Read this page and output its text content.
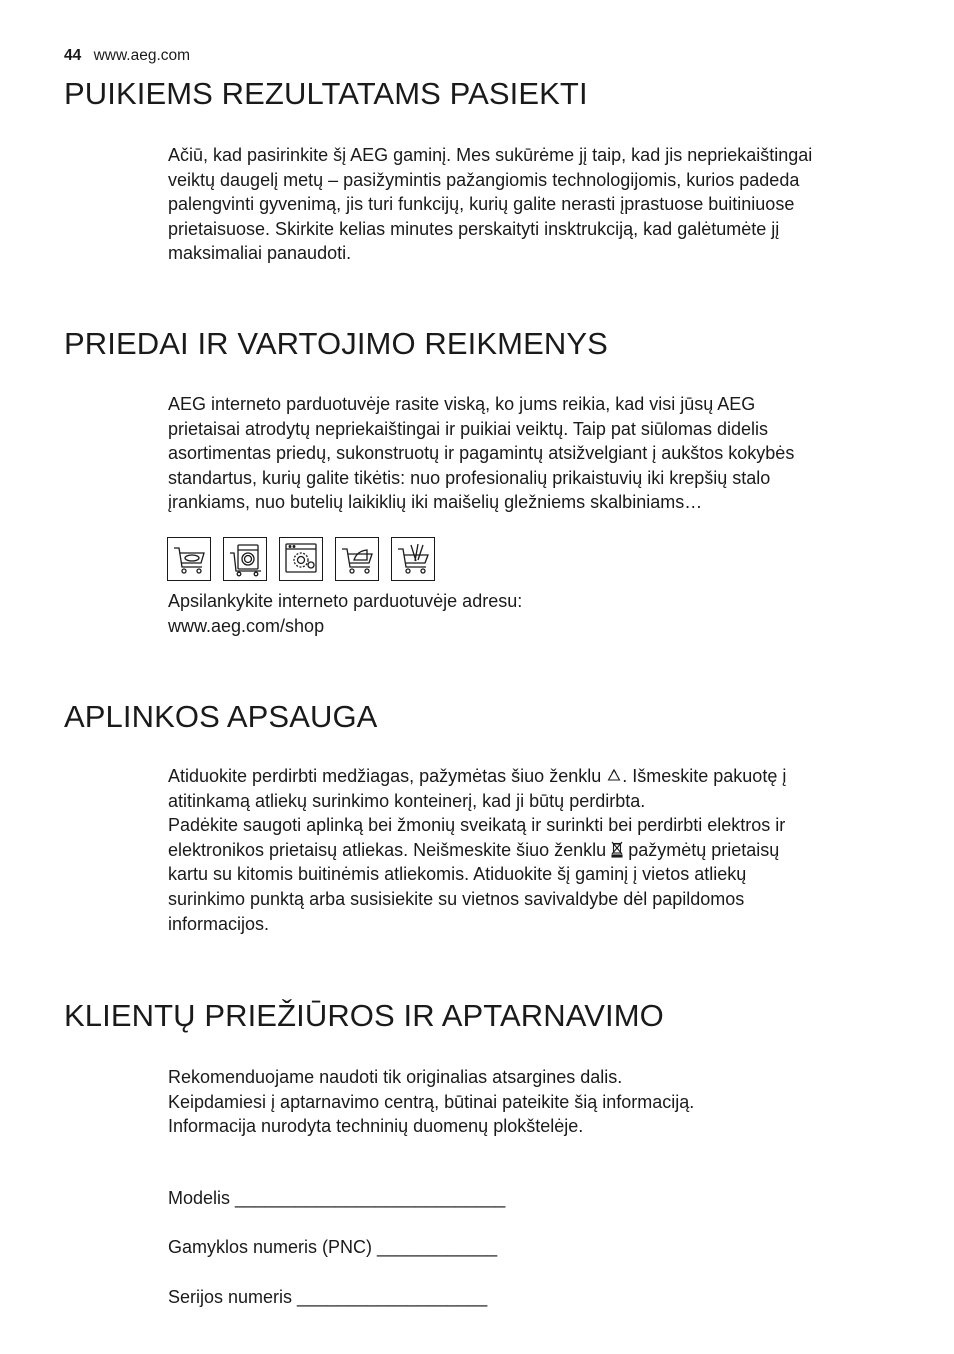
44 www.aeg.com
PUIKIEMS REZULTATAMS PASIEKTI
Ačiū, kad pasirinkite šį AEG gaminį. Mes sukūrėme jį taip, kad jis nepriekaištingai
veiktų daugelį metų – pasižymintis pažangiomis technologijomis, kurios padeda
palengvinti gyvenimą, jis turi funkcijų, kurių galite nerasti įprastuose buitiniuose
prietaisuose. Skirkite kelias minutes perskaityti insktrukciją, kad galėtumėte jį
maksimaliai panaudoti.
PRIEDAI IR VARTOJIMO REIKMENYS
AEG interneto parduotuvėje rasite viską, ko jums reikia, kad visi jūsų AEG
prietaisai atrodytų nepriekaištingai ir puikiai veiktų. Taip pat siūlomas didelis
asortimentas priedų, sukonstruotų ir pagamintų atsižvelgiant į aukštos kokybės
standartus, kurių galite tikėtis: nuo profesionalių prikaistuvių iki krepšių stalo
įrankiams, nuo butelių laikiklių iki maišelių gležniems skalbiniams…
Apsilankykite interneto parduotuvėje adresu:
www.aeg.com/shop
APLINKOS APSAUGA
Atiduokite perdirbti medžiagas, pažymėtas šiuo ženklu . Išmeskite pakuotę į
atitinkamą atliekų surinkimo konteinerį, kad ji būtų perdirbta.
Padėkite saugoti aplinką bei žmonių sveikatą ir surinkti bei perdirbti elektros ir
elektronikos prietaisų atliekas. Neišmeskite šiuo ženklu pažymėtų prietaisų
kartu su kitomis buitinėmis atliekomis. Atiduokite šį gaminį į vietos atliekų
surinkimo punktą arba susisiekite su vietnos savivaldybe dėl papildomos
informacijos.
KLIENTŲ PRIEŽIŪROS IR APTARNAVIMO
Rekomenduojame naudoti tik originalias atsargines dalis.
Keipdamiesi į aptarnavimo centrą, būtinai pateikite šią informaciją.
Informacija nurodyta techninių duomenų plokštelėje.
Modelis ___________________________
Gamyklos numeris (PNC) ____________
Serijos numeris ___________________
